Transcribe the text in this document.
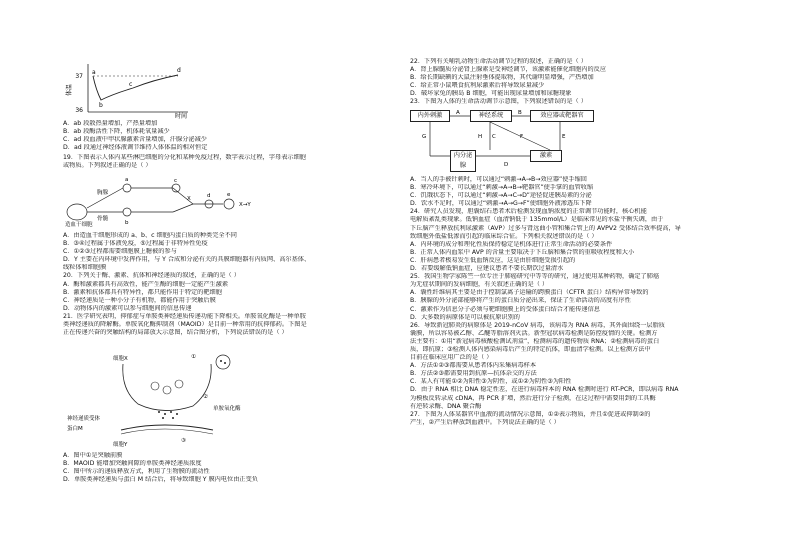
37
36
体温
时间
a
b
c
d
A．ab 段散热量增加，产热量增加
B．ab 段酶活性下降，机体耗氧量减少
C．ad 段血液中甲状腺激素含量增加，汗腺分泌减少
D．ad 段通过神经体液调节维持人体体温的相对恒定
19．下图表示人体内某些淋巴细胞的分化和某种免疫过程，数字表示过程，字母表示细胞
或物质。下列叙述正确的是（ ）
造血干细胞
胸腺
骨髓
a
b
c
X	d	e
X→Y
A．由造血干细胞形成的 a、b、c 细胞内蛋白质的种类完全不同
B．③④过程属于体液免疫，⑤过程属于非特异性免疫
C．①②③过程都需要细胞膜上糖被的参与
D．Y 主要在内环境中发挥作用，与 Y 合成和分泌有关的具膜细胞器有内质网、高尔基体、
线粒体和细胞膜
20．下列关于酶、激素、抗体和神经递质的叙述，正确的是（ ）
A．酶和激素都具有高效性，能产生酶的细胞一定能产生激素
B．激素和抗体都具有特异性，都只能作用于特定的靶细胞
C．神经递质是一种小分子有机物，都能作用于突触后膜
D．动物体内的激素可以参与细胞间的信息传递
21．医学研究表明，抑郁症与单胺类神经递质传递功能下降相关。单胺氧化酶是一种单胺
类神经递质的降解酶。单胺氧化酶抑制剂（MAOID）是目前一种常用的抗抑郁药。下图是
正在传递兴奋的突触结构的局部放大示意图，结合图分析，下列说法错误的是（ ）
细胞X	①
②
单胺氧化酶
神经递质受体
蛋白M
③
细胞Y
A．图中①是突触前膜
B．MAOID 能增加突触间隙的单胺类神经递质浓度
C．图中所示的递质释放方式，利用了生物膜的流动性
D．单胺类神经递质与蛋白 M 结合后，将导致细胞 Y 膜内电位由正变负
22．下列有关哺乳动物生命活动调节过程的叙述，正确的是（ ）
A．肾上腺髓质分泌肾上腺素是受神经调节，该激素能催化细胞内的反应
B．给长期缺碘的大鼠注射垂体提取物，其代谢明显增强，产热增加
C．给正常小鼠喂食抗利尿激素后将导致尿量减少
D．破坏家兔的胰岛 B 细胞，可能出现尿量增加和尿糖现象
23．下图为人体的生命活动调节示意图，下列叙述错误的是（ ）
A	B
C
D
E
F
G	H
内外刺激	神经系统	效应器或靶器官
内分泌腺
激素
A．当人的手被针刺时，可以通过“刺激→A→B→效应器”使手缩回
B．寒冷环境下，可以通过“刺激→A→B→靶器官”使手掌的血管收缩
C．饥饿状态下，可以通过“刺激→A→C→D”途径促进胰岛素的分泌
D．饮水不足时，可以通过“刺激→A→G→F”使细胞外液渗透压下降
24．研究人员发现，胆囊结石患者术后检测发现血钠浓度的正常调节功能时，核心机能
电解质紊乱类现象。低钠血症（血清钠低于 135mmol/L）是临床常见的水盐平衡失调，由于
下丘脑产生释放抗利尿激素（AVP）过多与肾远曲小管和集合管上的 AVPV2 受体结合效率提高，导
致细胞外低盐低渗而引起的临床综合征。下列相关叙述错误的是（ ）
A．内环境的成分和理化性质保持稳定是机体进行正常生命活动的必要条件
B．正常人体内血浆中 AVP 的含量主要取决于下丘脑和集合管的重吸收程度和大小
C．肝病患者极易发生低血钠反应，这是由肝细胞受损引起的
D．若要缓解低钠血症，应建议患者不要长期饮过量清水
25．我国生物学家陈竺一位专注于肺癌研究中等等的研究，通过使用某种药物，确定了肺癌
为无症状期间的发病细胞，有关叙述正确的是（ ）
A．囊性纤维病其主要是由于控制氯离子运输的跨膜蛋白（CFTR 蛋白）结构异常导致的
B．胰腺的外分泌部能够将产生的蛋白质分泌出来，保证了生命活动的高度有序性
C．激素作为信息分子必须与靶细胞膜上的受体蛋白结合才能传递信息
D．大多数的病原体是可以被抗原识别的
26．导致新冠肺炎的病原体是 2019-nCoV 病毒，该病毒为 RNA 病毒，其外面围绕一层脂质
囊膜，所以容易被乙醇、乙醚等脂溶剂灭活。新型冠状病毒检测是防控疫情的关键。检测方
法主要有：①用“新冠病毒核酸检测试剂盒”，检测病毒的遗传物质 RNA；②检测病毒的蛋白
质，即抗原；③检测人体内感染病毒后产生的特定抗体，即血清学检测。以上检测方法中
目前在临床应用广泛的是（ ）
A．方法①②③都需要从患者体内采集病毒样本
B．方法②③都需要用到抗原—抗体杂交的方法
C．某人有可能①②为阳性③为阴性，或①②为阴性③为阳性
D．由于 RNA 相比 DNA 稳定性差，在进行病毒样本的 RNA 检测时进行 RT-PCR，即以病毒 RNA
为模板反转录成 cDNA，再 PCR 扩增，然后进行分子检测，在这过程中需要用到的工具酶
有逆转录酶、DNA 聚合酶
27．下图为人体某器官中血液的流动情况示意图，①②表示物质，并且①促进或抑制②的
产生，②产生后释放到血液中。下列说法正确的是（ ）
